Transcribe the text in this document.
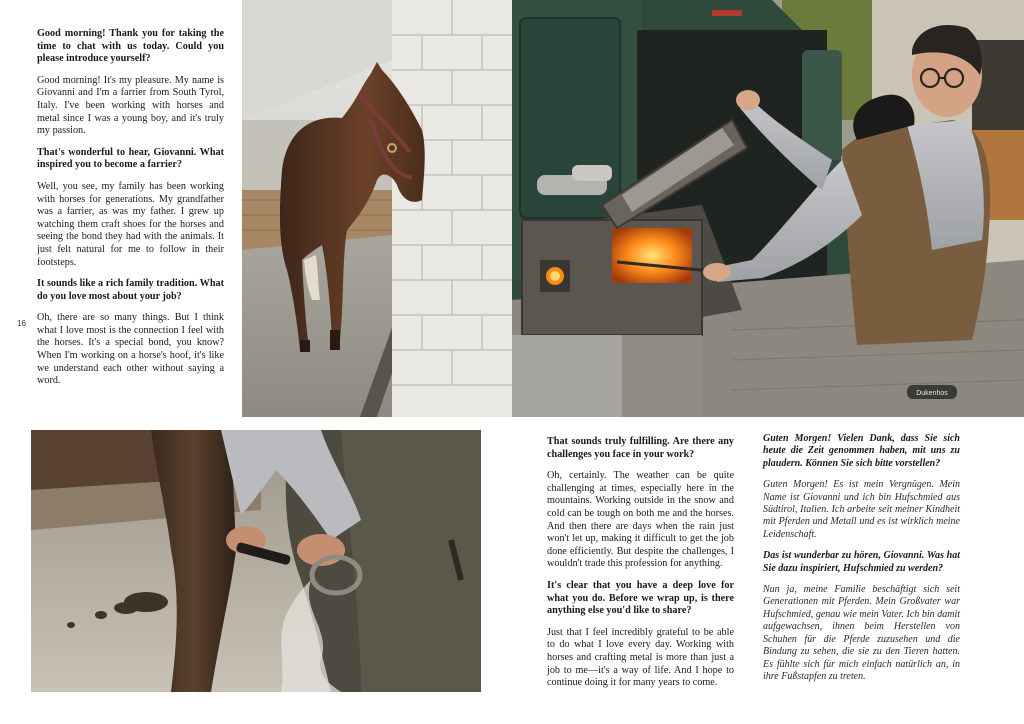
Good morning! Thank you for taking the time to chat with us today. Could you please introduce yourself?

Good morning! It's my pleasure. My name is Giovanni and I'm a farrier from South Tyrol, Italy. I've been working with horses and metal since I was a young boy, and it's truly my passion.

That's wonderful to hear, Giovanni. What inspired you to become a farrier?

Well, you see, my family has been working with horses for generations. My grandfather was a farrier, as was my father. I grew up watching them craft shoes for the horses and seeing the bond they had with the animals. It just felt natural for me to follow in their footsteps.

It sounds like a rich family tradition. What do you love most about your job?

Oh, there are so many things. But I think what I love most is the connection I feel with the horses. It's a special bond, you know? When I'm working on a horse's hoof, it's like we understand each other without saying a word.

16
Dukenhos

That sounds truly fulfilling. Are there any challenges you face in your work?

Oh, certainly. The weather can be quite challenging at times, especially here in the mountains. Working outside in the snow and cold can be tough on both me and the horses. And then there are days when the rain just won't let up, making it difficult to get the job done efficiently. But despite the challenges, I wouldn't trade this profession for anything.

It's clear that you have a deep love for what you do. Before we wrap up, is there anything else you'd like to share?

Just that I feel incredibly grateful to be able to do what I love every day. Working with horses and crafting metal is more than just a job to me—it's a way of life. And I hope to continue doing it for many years to come.

Guten Morgen! Vielen Dank, dass Sie sich heute die Zeit genommen haben, mit uns zu plaudern. Können Sie sich bitte vorstellen?

Guten Morgen! Es ist mein Vergnügen. Mein Name ist Giovanni und ich bin Hufschmied aus Südtirol, Italien. Ich arbeite seit meiner Kindheit mit Pferden und Metall und es ist wirklich meine Leidenschaft.

Das ist wunderbar zu hören, Giovanni. Was hat Sie dazu inspiriert, Hufschmied zu werden?

Nun ja, meine Familie beschäftigt sich seit Generationen mit Pferden. Mein Großvater war Hufschmied, genau wie mein Vater. Ich bin damit aufgewachsen, ihnen beim Herstellen von Schuhen für die Pferde zuzusehen und die Bindung zu sehen, die sie zu den Tieren hatten. Es fühlte sich für mich einfach natürlich an, in ihre Fußstapfen zu treten.
